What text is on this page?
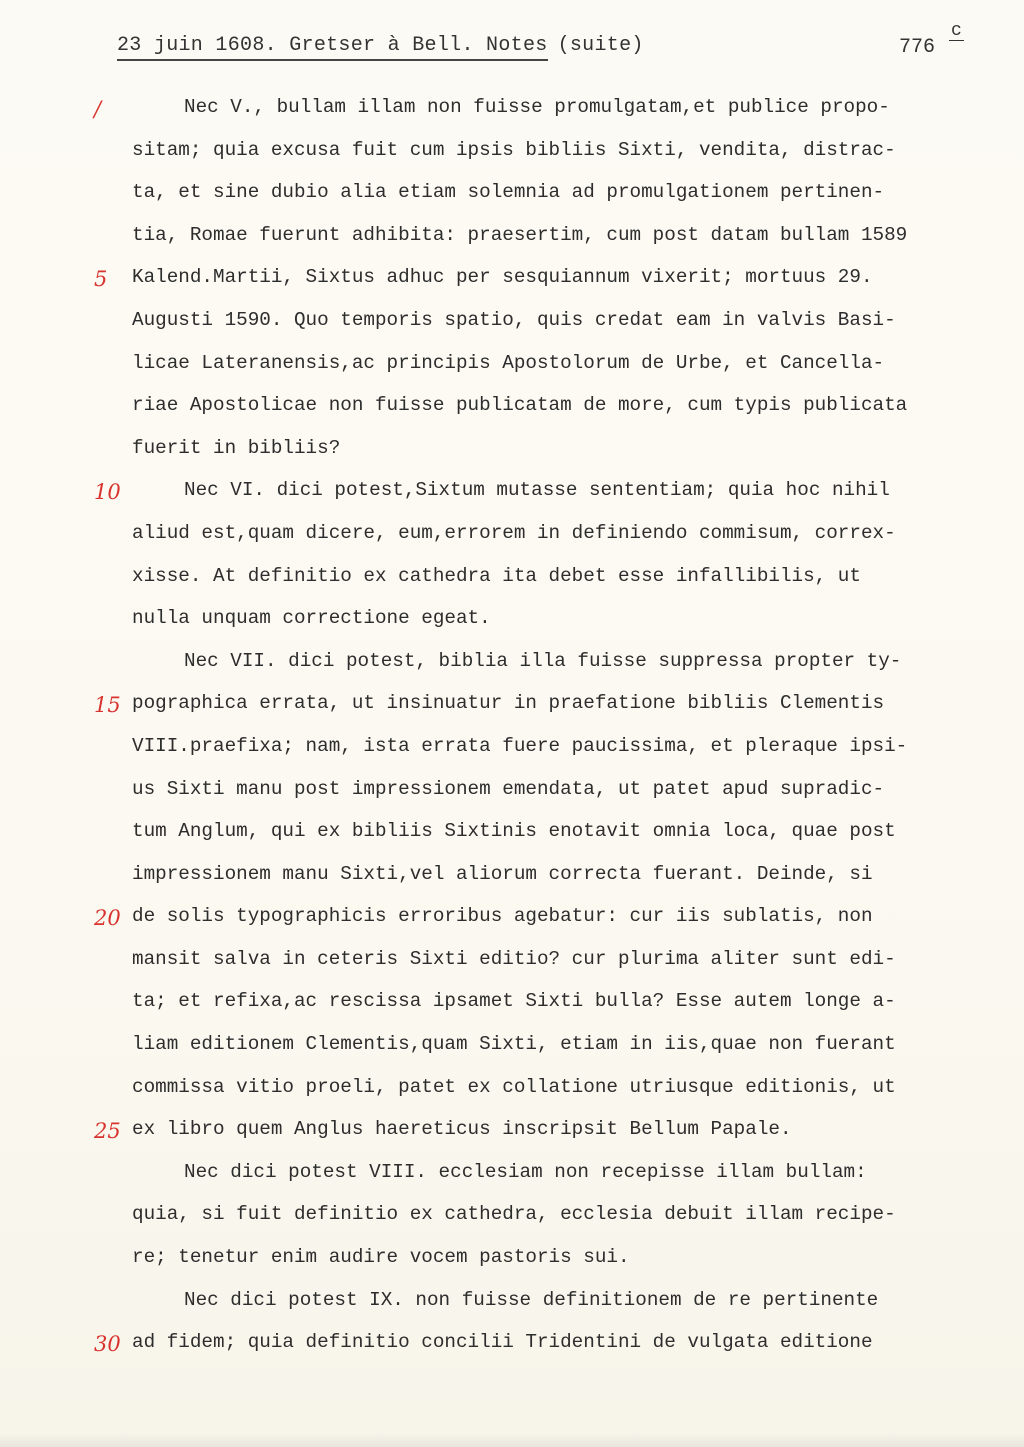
23 juin 1608. Gretser à Bell. Notes (suite)	776
c
/	Nec V., bullam illam non fuisse promulgatam,et publice propo-
sitam; quia excusa fuit cum ipsis bibliis Sixti, vendita, distrac-
ta, et sine dubio alia etiam solemnia ad promulgationem pertinen-
tia, Romae fuerunt adhibita: praesertim, cum post datam bullam 1589
5	Kalend.Martii, Sixtus adhuc per sesquiannum vixerit; mortuus 29.
Augusti 1590. Quo temporis spatio, quis credat eam in valvis Basi-
licae Lateranensis,ac principis Apostolorum de Urbe, et Cancella-
riae Apostolicae non fuisse publicatam de more, cum typis publicata
fuerit in bibliis?
10	Nec VI. dici potest,Sixtum mutasse sententiam; quia hoc nihil
aliud est,quam dicere, eum,errorem in definiendo commisum, correx-
xisse. At definitio ex cathedra ita debet esse infallibilis, ut
nulla unquam correctione egeat.
Nec VII. dici potest, biblia illa fuisse suppressa propter ty-
15 pographica errata, ut insinuatur in praefatione bibliis Clementis
VIII.praefixa; nam, ista errata fuere paucissima, et pleraque ipsi-
us Sixti manu post impressionem emendata, ut patet apud supradic-
tum Anglum, qui ex bibliis Sixtinis enotavit omnia loca, quae post
impressionem manu Sixti,vel aliorum correcta fuerant. Deinde, si
20 de solis typographicis erroribus agebatur: cur iis sublatis, non
mansit salva in ceteris Sixti editio? cur plurima aliter sunt edi-
ta; et refixa,ac rescissa ipsamet Sixti bulla? Esse autem longe a-
liam editionem Clementis,quam Sixti, etiam in iis,quae non fuerant
commissa vitio proeli, patet ex collatione utriusque editionis, ut
25 ex libro quem Anglus haereticus inscripsit Bellum Papale.
Nec dici potest VIII. ecclesiam non recepisse illam bullam:
quia, si fuit definitio ex cathedra, ecclesia debuit illam recipe-
re; tenetur enim audire vocem pastoris sui.
Nec dici potest IX. non fuisse definitionem de re pertinente
30 ad fidem; quia definitio concilii Tridentini de vulgata editione
